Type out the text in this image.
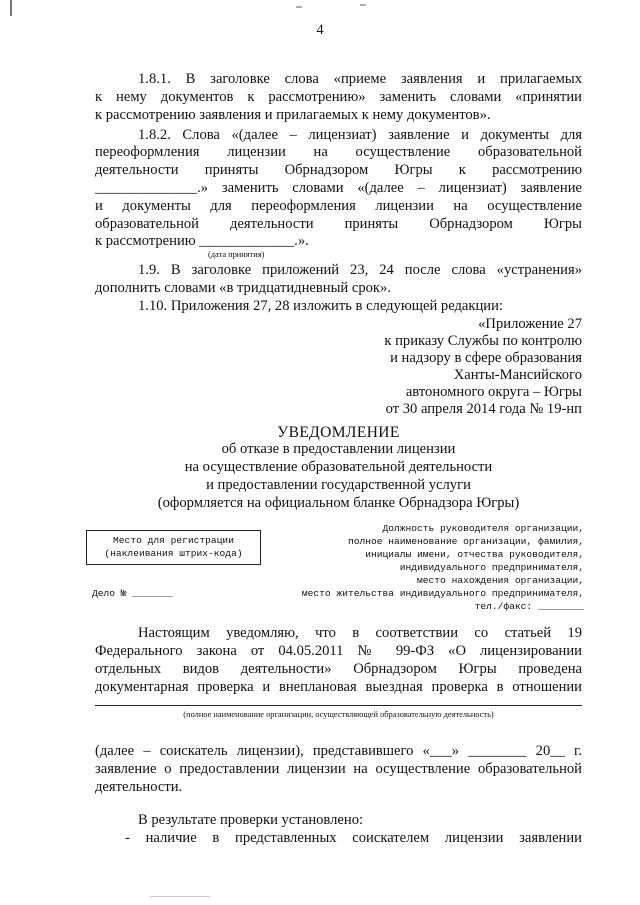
4
1.8.1. В заголовке слова «приеме заявления и прилагаемых
к нему документов к рассмотрению» заменить словами «принятии
к рассмотрению заявления и прилагаемых к нему документов».
1.8.2. Слова «(далее – лицензиат) заявление и документы для
переоформления лицензии на осуществление образовательной
деятельности приняты Обрнадзором Югры к рассмотрению
______________.» заменить словами «(далее – лицензиат) заявление
и документы для переоформления лицензии на осуществление
образовательной деятельности приняты Обрнадзором Югры
к рассмотрению _____________.».
(дата принятия)
1.9. В заголовке приложений 23, 24 после слова «устранения»
дополнить словами «в тридцатидневный срок».
1.10. Приложения 27, 28 изложить в следующей редакции:
«Приложение 27
к приказу Службы по контролю
и надзору в сфере образования
Ханты-Мансийского
автономного округа – Югры
от 30 апреля 2014 года № 19-нп
УВЕДОМЛЕНИЕ
об отказе в предоставлении лицензии
на осуществление образовательной деятельности
и предоставлении государственной услуги
(оформляется на официальном бланке Обрнадзора Югры)
Место для регистрации
(наклеивания штрих-кода)
Должность руководителя организации,
полное наименование организации, фамилия,
инициалы имени, отчества руководителя,
индивидуального предпринимателя,
место нахождения организации,
место жительства индивидуального предпринимателя,
тел./факс: ________
Дело № _______
Настоящим уведомляю, что в соответствии со статьей 19
Федерального закона от 04.05.2011 № 99-ФЗ «О лицензировании
отдельных видов деятельности» Обрнадзором Югры проведена
документарная проверка и внеплановая выездная проверка в отношении
(полное наименование организации, осуществляющей образовательную деятельность)
(далее – соискатель лицензии), представившего «___» ________ 20__ г.
заявление о предоставлении лицензии на осуществление образовательной
деятельности.
В результате проверки установлено:
- наличие в представленных соискателем лицензии заявлении
